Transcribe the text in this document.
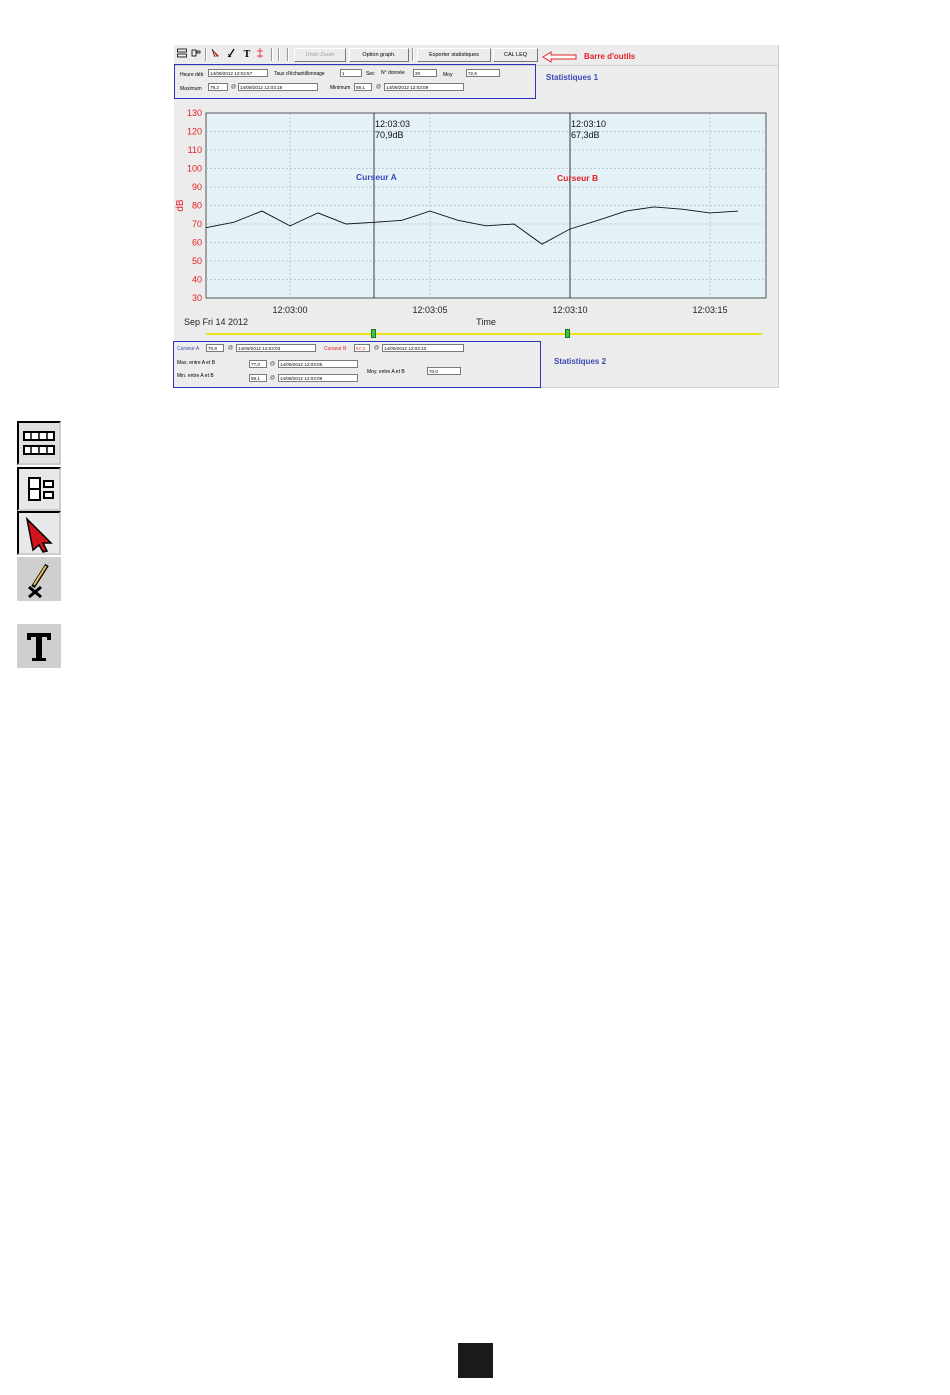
T	Undo Zoom	Option graph.	Exporter statistiques	CAL LEQ
Heure déb	14/09/2012 12:02:57	Taux d'échantillonnage	1	Sec N° donnée	20	Moy	72,6
Maximum	79,2	@ 14/09/2012 12:03:15	Minimum	59,1	@	14/09/2012 12:03:09
130
120
110
100
90
80
70
60
50
40
30
12:03:00	12:03:05	12:03:10	12:03:15
dB
Time
Sep Fri 14 2012
12:03:03
70,9dB
12:03:10
67,3dB
Curseur A	Curseur B
Curseur A	70,9	@	14/09/2012 12:03:03	Curseur B	67,3	@	14/09/2012 12:03:10
Max. entre A et B	77,0	@	14/09/2012 12:03:05
Min. entre A et B	59,1	@	14/09/2012 12:03:09
Moy. entre A et B	70,0
Statistiques 1
Statistiques 2
Barre d'outils
